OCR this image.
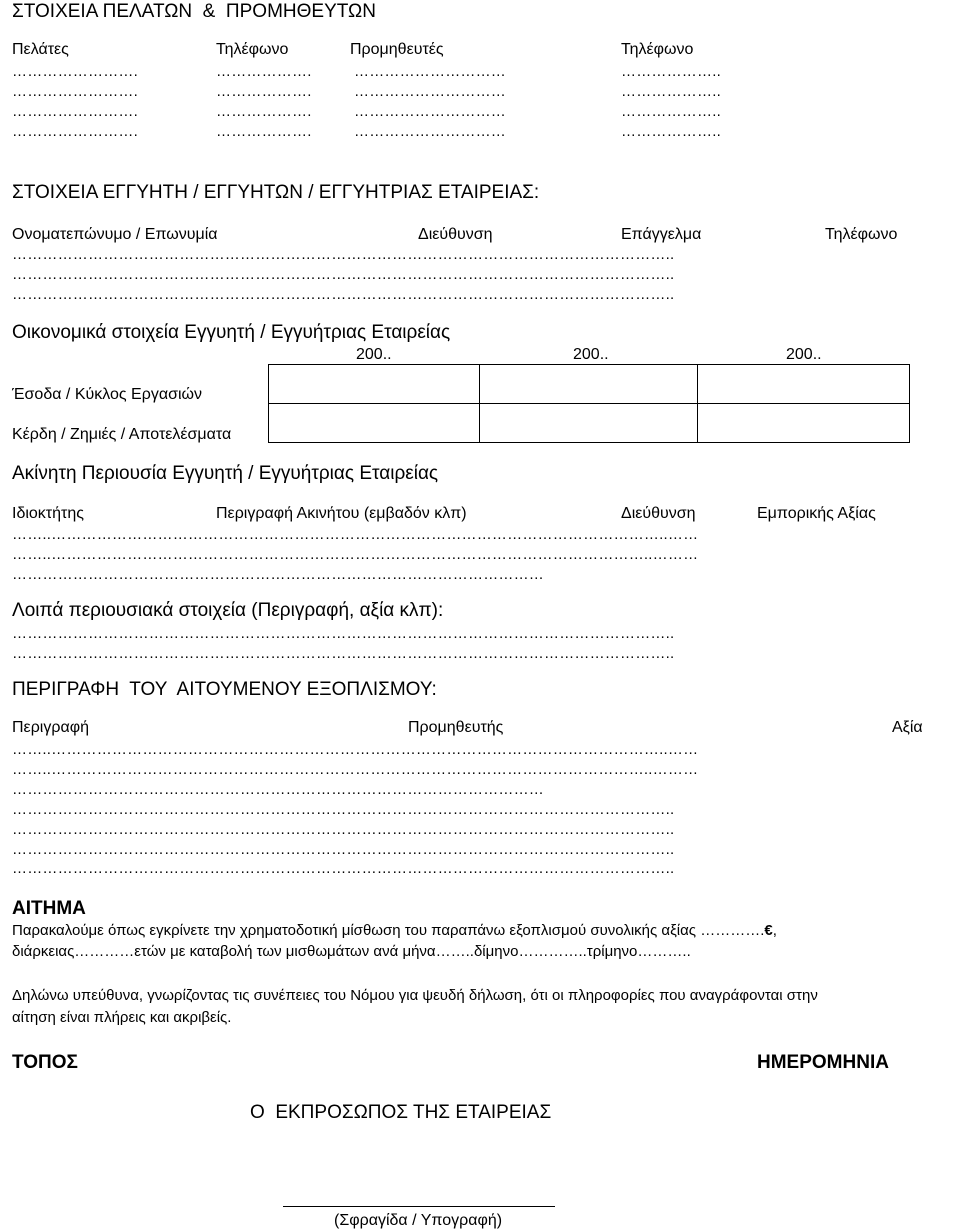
ΣΤΟΙΧΕΙΑ ΠΕΛΑΤΩΝ  &  ΠΡΟΜΗΘΕΥΤΩΝ
Πελάτες	Τηλέφωνο	Προμηθευτές	Τηλέφωνο
…………………….	……………….	…………………………	………………..
…………………….	……………….	…………………………	………………..
…………………….	……………….	…………………………	………………..
…………………….	……………….	…………………………	………………..
ΣΤΟΙΧΕΙΑ ΕΓΓΥΗΤΗ / ΕΓΓΥΗΤΩΝ / ΕΓΓΥΗΤΡΙΑΣ ΕΤΑΙΡΕΙΑΣ:
Ονοματεπώνυμο / Επωνυμία	Διεύθυνση	Επάγγελμα	Τηλέφωνο
…………………………………………………………………………………………………………………..
…………………………………………………………………………………………………………………..
…………………………………………………………………………………………………………………..
Οικονομικά στοιχεία Εγγυητή / Εγγυήτριας Εταιρείας
200..	200..	200..
Έσοδα / Κύκλος Εργασιών
Κέρδη / Ζημιές / Αποτελέσματα

Ακίνητη Περιουσία Εγγυητή / Εγγυήτριας Εταιρείας
Ιδιοκτήτης	Περιγραφή Ακινήτου (εμβαδόν κλπ)	Διεύθυνση	Εμπορικής Αξίας
……..…………………………………………………………………………………………………………..……
……..………………………………………………………………………………………………………..………
……………………………………………………………………………………………
Λοιπά περιουσιακά στοιχεία (Περιγραφή, αξία κλπ):
…………………………………………………………………………………………………………………..
…………………………………………………………………………………………………………………..
ΠΕΡΙΓΡΑΦΗ  ΤΟΥ  ΑΙΤΟΥΜΕΝΟΥ ΕΞΟΠΛΙΣΜΟΥ:
Περιγραφή	Προμηθευτής	Αξία
……..…………………………………………………………………………………………………………..……
……..………………………………………………………………………………………………………..………
……………………………………………………………………………………………
…………………………………………………………………………………………………………………..
…………………………………………………………………………………………………………………..
…………………………………………………………………………………………………………………..
…………………………………………………………………………………………………………………..
ΑΙΤΗΜΑ
Παρακαλούμε όπως εγκρίνετε την χρηματοδοτική μίσθωση του παραπάνω εξοπλισμού συνολικής αξίας ………….€,
διάρκειας…………ετών με καταβολή των μισθωμάτων ανά μήνα……..δίμηνο…………..τρίμηνο………..
Δηλώνω υπεύθυνα, γνωρίζοντας τις συνέπειες του Νόμου για ψευδή δήλωση, ότι οι πληροφορίες που αναγράφονται στην
αίτηση είναι πλήρεις και ακριβείς.
ΤΟΠΟΣ	ΗΜΕΡΟΜΗΝΙΑ
Ο  ΕΚΠΡΟΣΩΠΟΣ ΤΗΣ ΕΤΑΙΡΕΙΑΣ
(Σφραγίδα / Υπογραφή)
